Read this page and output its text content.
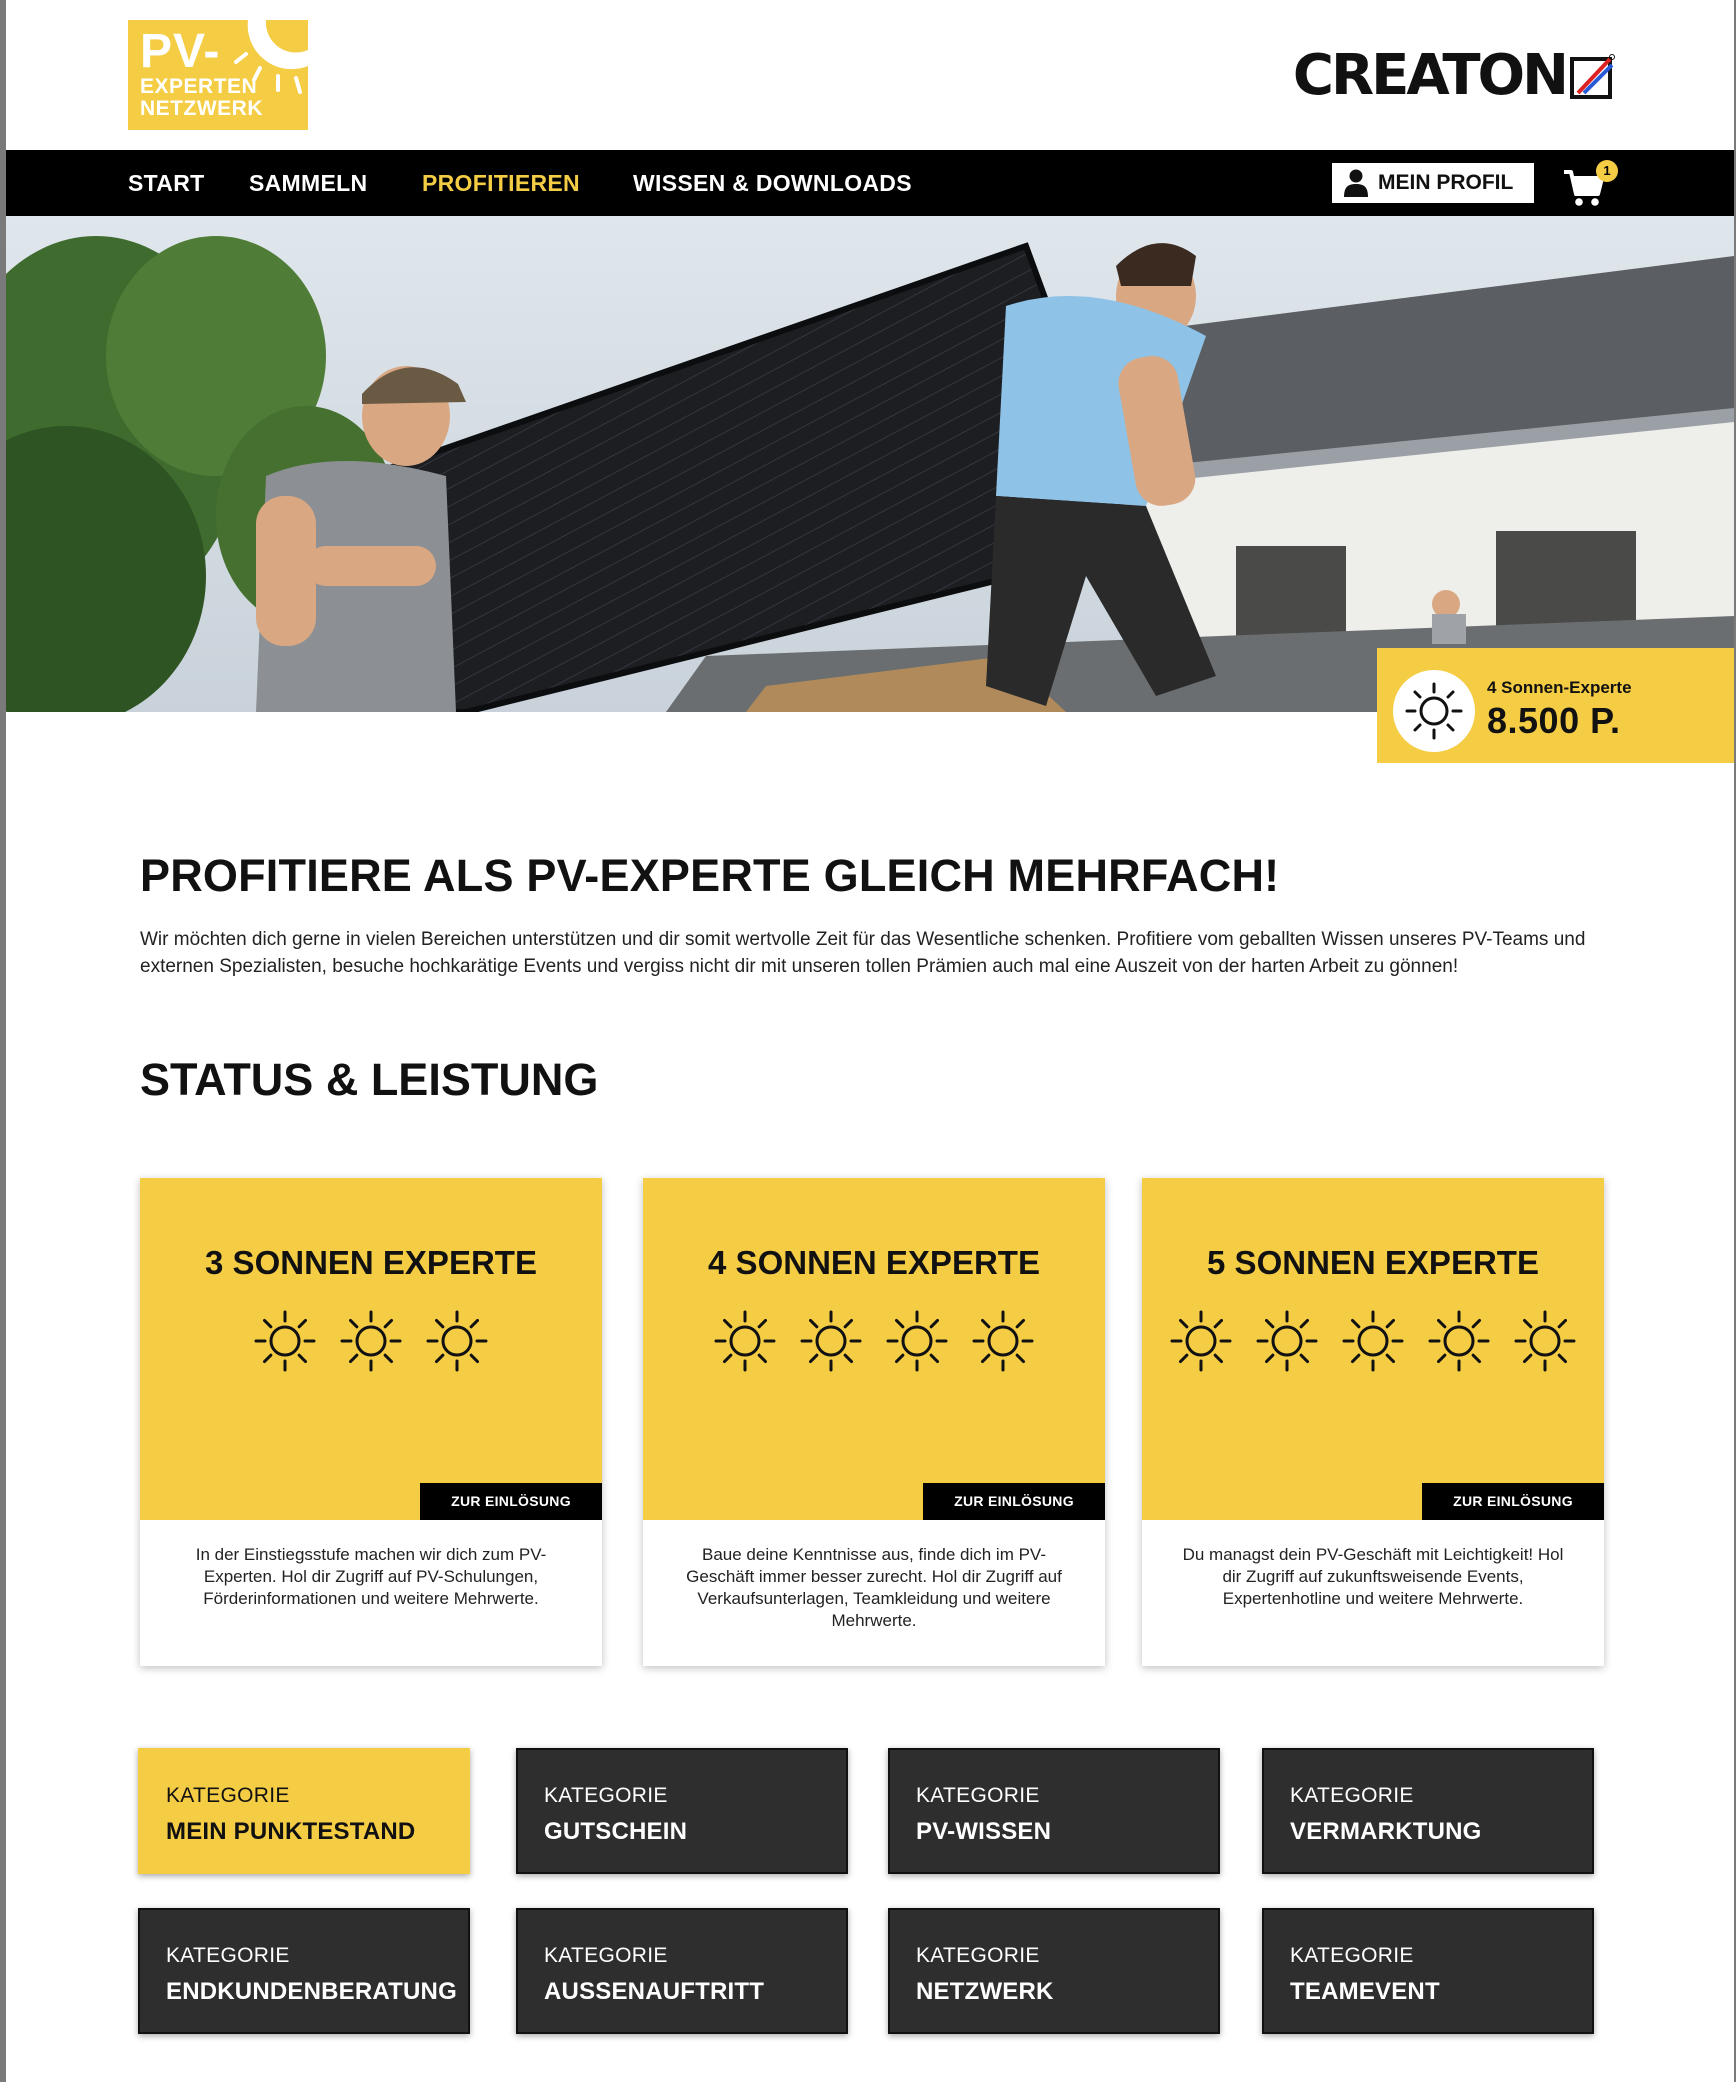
PV-
EXPERTEN
NETZWERK
CREATON
START SAMMELN PROFITIEREN WISSEN & DOWNLOADS	MEIN PROFIL
1
4 Sonnen-Experte
8.500 P.
PROFITIERE ALS PV-EXPERTE GLEICH MEHRFACH!

Wir möchten dich gerne in vielen Bereichen unterstützen und dir somit wertvolle Zeit für das Wesentliche schenken. Profitiere vom geballten Wissen unseres PV-Teams und externen Spezialisten, besuche hochkarätige Events und vergiss nicht dir mit unseren tollen Prämien auch mal eine Auszeit von der harten Arbeit zu gönnen!

STATUS & LEISTUNG
3 SONNEN EXPERTE
ZUR EINLÖSUNG
In der Einstiegsstufe machen wir dich zum PV-Experten. Hol dir Zugriff auf PV-Schulungen, Förderinformationen und weitere Mehrwerte.
4 SONNEN EXPERTE
ZUR EINLÖSUNG
Baue deine Kenntnisse aus, finde dich im PV-Geschäft immer besser zurecht. Hol dir Zugriff auf Verkaufsunterlagen, Teamkleidung und weitere Mehrwerte.
5 SONNEN EXPERTE
ZUR EINLÖSUNG
Du managst dein PV-Geschäft mit Leichtigkeit! Hol dir Zugriff auf zukunftsweisende Events, Expertenhotline und weitere Mehrwerte.
KATEGORIE
MEIN PUNKTESTAND
KATEGORIE
GUTSCHEIN
KATEGORIE
PV-WISSEN
KATEGORIE
VERMARKTUNG
KATEGORIE
ENDKUNDENBERATUNG
KATEGORIE
AUSSENAUFTRITT
KATEGORIE
NETZWERK
KATEGORIE
TEAMEVENT
